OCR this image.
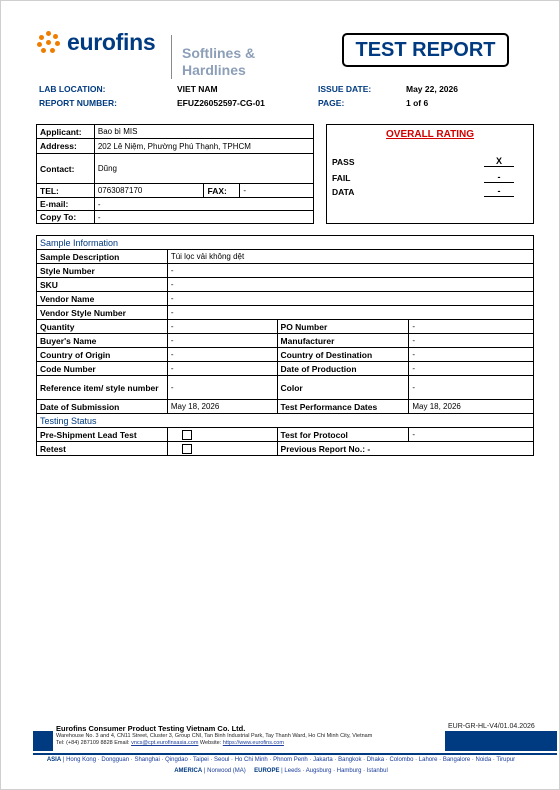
eurofins Softlines &
Hardlines
TEST REPORT
LAB LOCATION:	VIET NAM	ISSUE DATE:	May 22, 2026
REPORT NUMBER:	EFUZ26052597-CG-01	PAGE:	1 of 6
Applicant:	Bao bì MIS		
Address:	202 Lê Niệm, Phường Phú Thạnh, TPHCM		
Contact:	Dũng		
TEL:	0763087170	FAX:	-
E-mail:	-		
Copy To:	-		
OVERALL RATING
PASS	X
FAIL	-
DATA	-
Sample Information			
Sample Description	Túi lọc vải không dệt		
Style Number	-		
SKU	-		
Vendor Name	-		
Vendor Style Number	-		
Quantity	-	PO Number	-
Buyer's Name	-	Manufacturer	-
Country of Origin	-	Country of Destination	-
Code Number	-	Date of Production	-
Reference item/ style number	-	Color	-
Date of Submission	May 18, 2026	Test Performance Dates	May 18, 2026
Testing Status			
Pre-Shipment Lead Test		Test for Protocol	-
Retest		Previous Report No.: -	
Eurofins Consumer Product Testing Vietnam Co. Ltd.	EUR-GR-HL-V4/01.04.2026
Warehouse No. 3 and 4, CN11 Street, Cluster 3, Group CNI, Tan Binh Industrial Park, Tay Thanh Ward, Ho Chi Minh City, Vietnam
Tel: (+84) 287109 8828 Email: vncs@cpt.eurofinsasia.com Website: https://www.eurofins.com
ASIA | Hong Kong · Dongguan · Shanghai · Qingdao · Taipei · Seoul · Ho Chi Minh · Phnom Penh · Jakarta · Bangkok · Dhaka · Colombo · Lahore · Bangalore · Noida · Tirupur
AMERICA | Norwood (MA) EUROPE | Leeds · Augsburg · Hamburg · Istanbul
